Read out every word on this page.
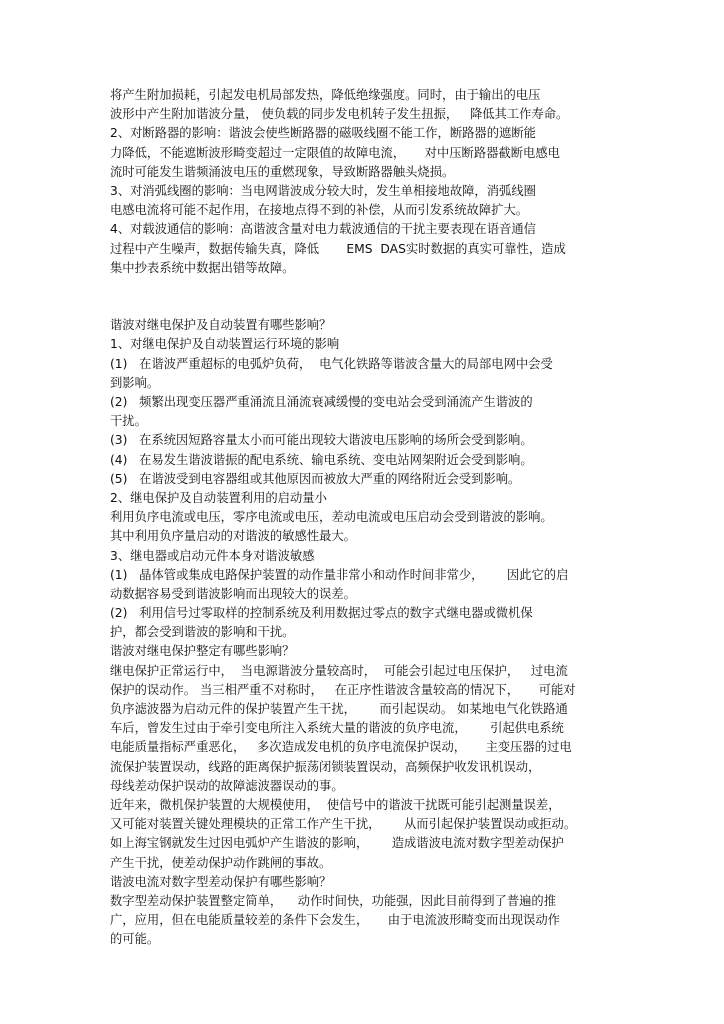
将产生附加损耗，引起发电机局部发热，降低绝缘强度。同时，由于输出的电压
波形中产生附加谐波分量， 使负载的同步发电机转子发生扭振，   降低其工作寿命。
2、对断路器的影响：谐波会使些断路器的磁吸线圈不能工作，断路器的遮断能
力降低，不能遮断波形畸变超过一定限值的故障电流，     对中压断路器截断电感电
流时可能发生谐频涌波电压的重燃现象，导致断路器触头烧损。
3、对消弧线圈的影响：当电网谐波成分较大时，发生单相接地故障，消弧线圈
电感电流将可能不起作用，在接地点得不到的补偿，从而引发系统故障扩大。
4、对载波通信的影响：高谐波含量对电力载波通信的干扰主要表现在语音通信
过程中产生噪声，数据传输失真，降低       EMS  DAS实时数据的真实可靠性，造成
集中抄表系统中数据出错等故障。
谐波对继电保护及自动装置有哪些影响？
1、对继电保护及自动装置运行环境的影响
(1)   在谐波严重超标的电弧炉负荷，  电气化铁路等谐波含量大的局部电网中会受
到影响。
(2)   频繁出现变压器严重涌流且涌流衰减缓慢的变电站会受到涌流产生谐波的
干扰。
(3)   在系统因短路容量太小而可能出现较大谐波电压影响的场所会受到影响。
(4)   在易发生谐波谐振的配电系统、输电系统、变电站网架附近会受到影响。
(5)   在谐波受到电容器组或其他原因而被放大严重的网络附近会受到影响。
2、继电保护及自动装置利用的启动量小
利用负序电流或电压，零序电流或电压，差动电流或电压启动会受到谐波的影响。
其中利用负序量启动的对谐波的敏感性最大。
3、继电器或启动元件本身对谐波敏感
(1)   晶体管或集成电路保护装置的动作量非常小和动作时间非常少，      因此它的启
动数据容易受到谐波影响而出现较大的误差。
(2)   利用信号过零取样的控制系统及利用数据过零点的数字式继电器或微机保
护，都会受到谐波的影响和干扰。
谐波对继电保护整定有哪些影响？
继电保护正常运行中，  当电源谐波分量较高时，  可能会引起过电压保护，   过电流
保护的误动作。 当三相严重不对称时，   在正序性谐波含量较高的情况下，     可能对
负序滤波器为启动元件的保护装置产生干扰，      而引起误动。 如某地电气化铁路通
车后，曾发生过由于牵引变电所注入系统大量的谐波的负序电流，      引起供电系统
电能质量指标严重恶化，   多次造成发电机的负序电流保护误动，     主变压器的过电
流保护装置误动，线路的距离保护振荡闭锁装置误动，高频保护收发讯机误动，
母线差动保护误动的故障滤波器误动的事。
近年来，微机保护装置的大规模使用，  使信号中的谐波干扰既可能引起测量误差，
又可能对装置关键处理模块的正常工作产生干扰，      从而引起保护装置误动或拒动。
如上海宝钢就发生过因电弧炉产生谐波的影响，      造成谐波电流对数字型差动保护
产生干扰，使差动保护动作跳闸的事故。
谐波电流对数字型差动保护有哪些影响？
数字型差动保护装置整定简单，    动作时间快，功能强，因此目前得到了普遍的推
广，应用，但在电能质量较差的条件下会发生，     由于电流波形畸变而出现误动作
的可能。
